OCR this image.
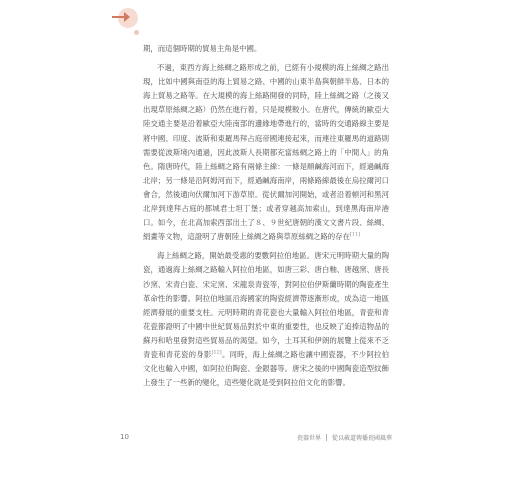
期，而這個時期的貿易主角是中國。

不過，東西方海上絲綢之路形成之前，已經有小規模的海上絲綢之路出現，比如中國與南亞的海上貿易之路、中國的山東半島與朝鮮半島、日本的海上貿易之路等。在大規模的海上絲路開發的同時，陸上絲綢之路（之後又出現草原絲綢之路）仍然在進行着，只是規模較小。在唐代，傳統的歐亞大陸交通主要是沿着歐亞大陸南部的邊緣地帶進行的，當時的交通路線主要是將中國、印度、波斯和東羅馬拜占庭帝國連接起來，而連往東羅馬的道路則需要從波斯境內通過，因此波斯人長期都充當絲綢之路上的「中間人」的角色。隋唐時代，陸上絲綢之路有兩條主線：一條是順鹹海河而下，經過鹹海北岸；另一條是沿阿姆河而下，經過鹹海南岸，兩條路線最後在烏拉爾河口會合，然後通向伏爾加河下游草原。從伏爾加河開始，或者沿着頓河和黑河北岸到達拜占庭的都城君士坦丁堡；或者穿越高加索山，到達黑海南岸港口。如今，在北高加索西部出土了８、９世紀唐朝的漢文文書片段、絲綢、絹畫等文物，這證明了唐朝陸上絲綢之路與草原絲綢之路的存在[11]

海上絲綢之路，開始最受惠的要數阿拉伯地區。唐宋元明時期大量的陶瓷，通過海上絲綢之路輸入阿拉伯地區，如唐三彩、唐白釉、唐越窯、唐長沙窯、宋青白瓷、宋定窯、宋龍泉青瓷等，對阿拉伯伊斯蘭時期的陶瓷產生革命性的影響。阿拉伯地區沿海國家的陶瓷經濟帶逐漸形成，成為這一地區經濟發展的重要支柱。元明時期的青花瓷也大量輸入阿拉伯地區，青瓷和青花瓷都證明了中國中世紀貿易品對於中東的重要性，也反映了追捧這物品的蘇丹和哈里發對這些貿易品的渴望。如今，土耳其和伊朗的展覽上從來不乏青瓷和青花瓷的身影[12]。同時，海上絲綢之路也讓中國瓷器，不少阿拉伯文化也輸入中國，如阿拉伯陶瓷、金銀器等。唐宋之後的中國陶瓷造型紋飾上發生了一些新的變化，這些變化就是受到阿拉伯文化的影響。

10	瓷器世界 從以載道傳播瓷國風華
